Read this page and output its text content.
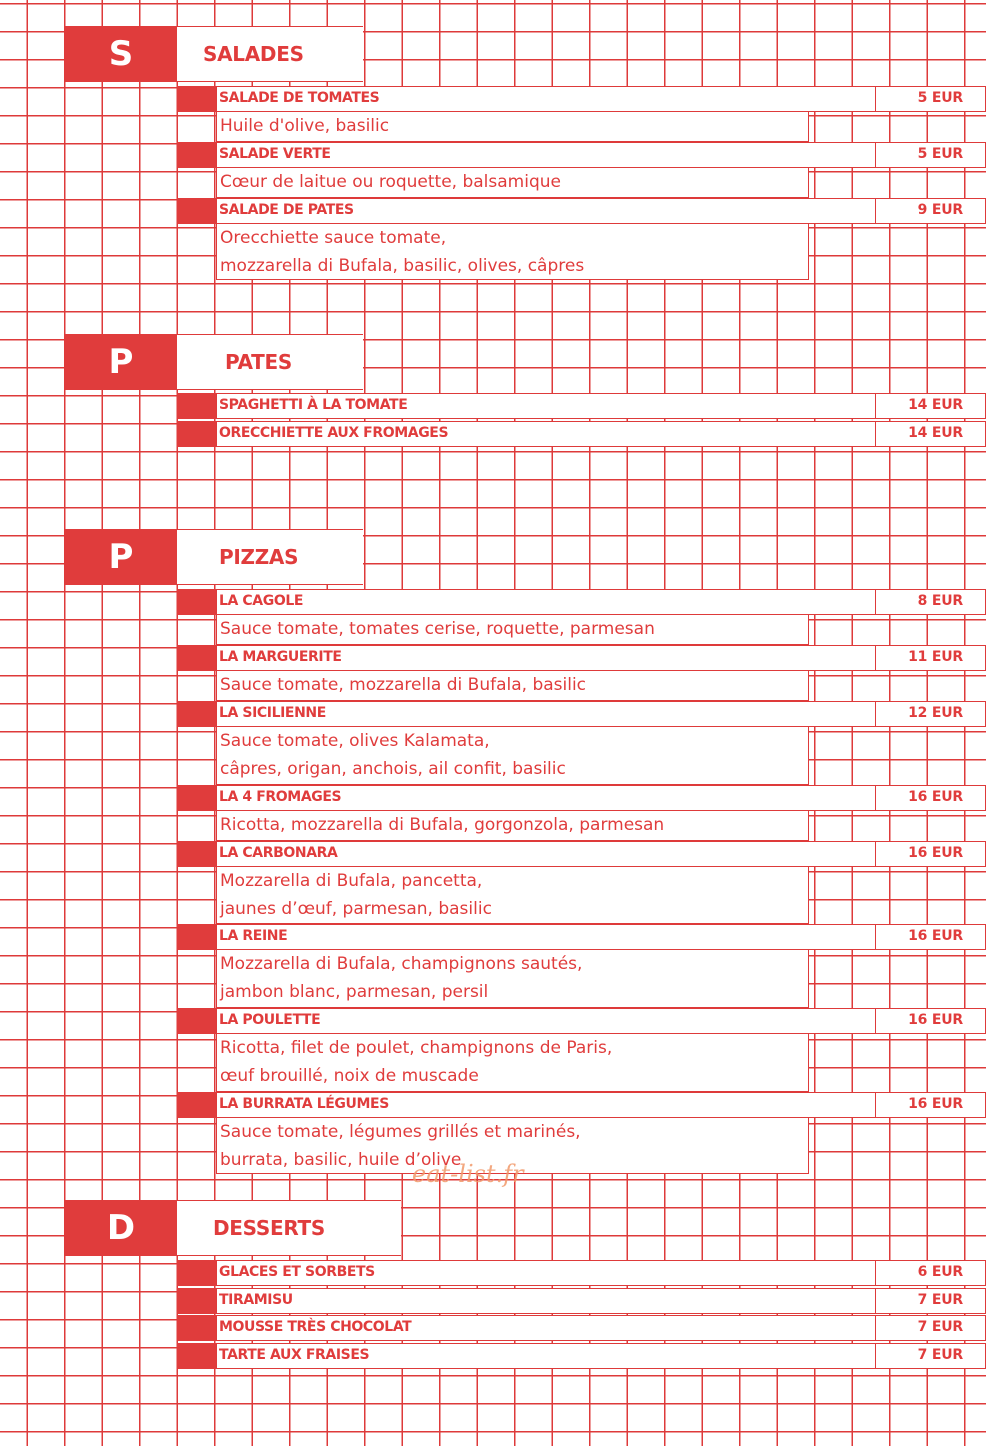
S	SALADES
SALADE DE TOMATES	5 EUR
Huile d'olive, basilic
SALADE VERTE	5 EUR
Cœur de laitue ou roquette, balsamique
SALADE DE PATES	9 EUR
Orecchiette sauce tomate,
mozzarella di Bufala, basilic, olives, câpres
P	PATES
SPAGHETTI À LA TOMATE	14 EUR
ORECCHIETTE AUX FROMAGES	14 EUR
P	PIZZAS
LA CAGOLE	8 EUR
Sauce tomate, tomates cerise, roquette, parmesan
LA MARGUERITE	11 EUR
Sauce tomate, mozzarella di Bufala, basilic
LA SICILIENNE	12 EUR
Sauce tomate, olives Kalamata,
câpres, origan, anchois, ail confit, basilic
LA 4 FROMAGES	16 EUR
Ricotta, mozzarella di Bufala, gorgonzola, parmesan
LA CARBONARA	16 EUR
Mozzarella di Bufala, pancetta,
jaunes d’œuf, parmesan, basilic
LA REINE	16 EUR
Mozzarella di Bufala, champignons sautés,
jambon blanc, parmesan, persil
LA POULETTE	16 EUR
Ricotta, filet de poulet, champignons de Paris,
œuf brouillé, noix de muscade
LA BURRATA LÉGUMES	16 EUR
Sauce tomate, légumes grillés et marinés,
burrata, basilic, huile d’olive
eat-list.fr
D	DESSERTS
GLACES ET SORBETS	6 EUR
TIRAMISU	7 EUR
MOUSSE TRÈS CHOCOLAT	7 EUR
TARTE AUX FRAISES	7 EUR
